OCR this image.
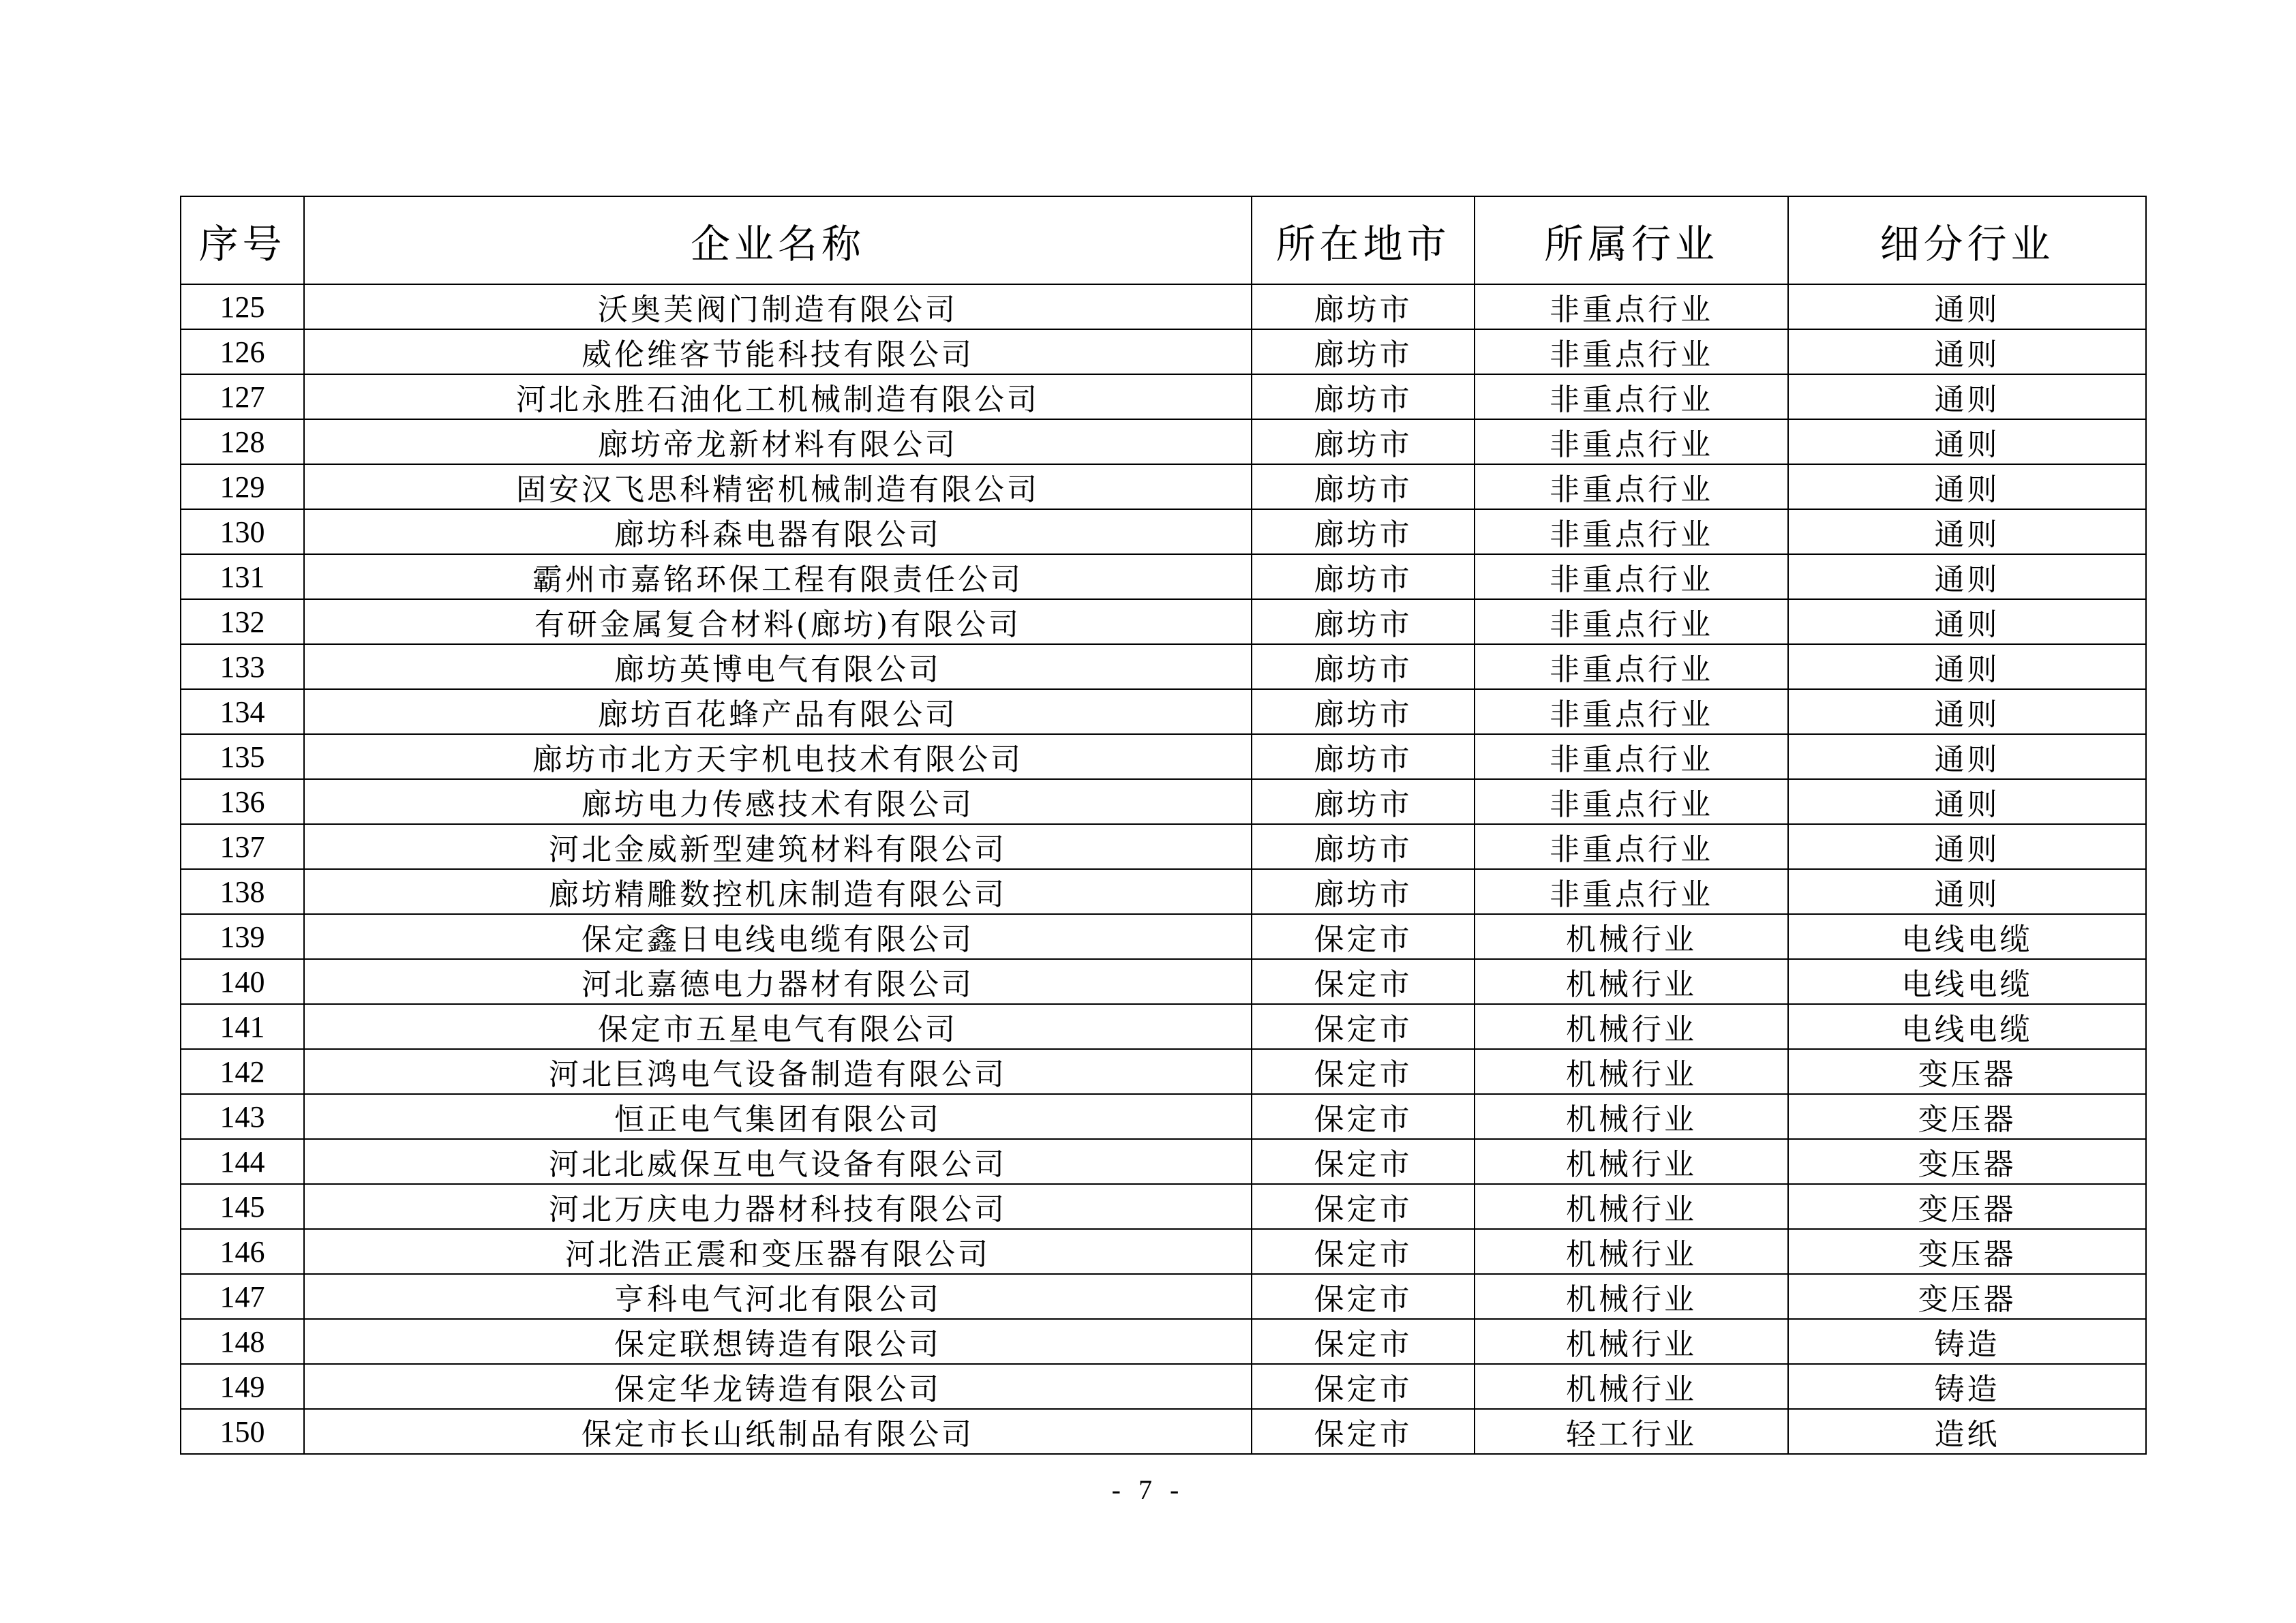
序号	企业名称	所在地市	所属行业	细分行业
125	沃奥芙阀门制造有限公司	廊坊市	非重点行业	通则
126	威伦维客节能科技有限公司	廊坊市	非重点行业	通则
127	河北永胜石油化工机械制造有限公司	廊坊市	非重点行业	通则
128	廊坊帝龙新材料有限公司	廊坊市	非重点行业	通则
129	固安汉飞思科精密机械制造有限公司	廊坊市	非重点行业	通则
130	廊坊科森电器有限公司	廊坊市	非重点行业	通则
131	霸州市嘉铭环保工程有限责任公司	廊坊市	非重点行业	通则
132	有研金属复合材料(廊坊)有限公司	廊坊市	非重点行业	通则
133	廊坊英博电气有限公司	廊坊市	非重点行业	通则
134	廊坊百花蜂产品有限公司	廊坊市	非重点行业	通则
135	廊坊市北方天宇机电技术有限公司	廊坊市	非重点行业	通则
136	廊坊电力传感技术有限公司	廊坊市	非重点行业	通则
137	河北金威新型建筑材料有限公司	廊坊市	非重点行业	通则
138	廊坊精雕数控机床制造有限公司	廊坊市	非重点行业	通则
139	保定鑫日电线电缆有限公司	保定市	机械行业	电线电缆
140	河北嘉德电力器材有限公司	保定市	机械行业	电线电缆
141	保定市五星电气有限公司	保定市	机械行业	电线电缆
142	河北巨鸿电气设备制造有限公司	保定市	机械行业	变压器
143	恒正电气集团有限公司	保定市	机械行业	变压器
144	河北北威保互电气设备有限公司	保定市	机械行业	变压器
145	河北万庆电力器材科技有限公司	保定市	机械行业	变压器
146	河北浩正震和变压器有限公司	保定市	机械行业	变压器
147	亨科电气河北有限公司	保定市	机械行业	变压器
148	保定联想铸造有限公司	保定市	机械行业	铸造
149	保定华龙铸造有限公司	保定市	机械行业	铸造
150	保定市长山纸制品有限公司	保定市	轻工行业	造纸
- 7 -
